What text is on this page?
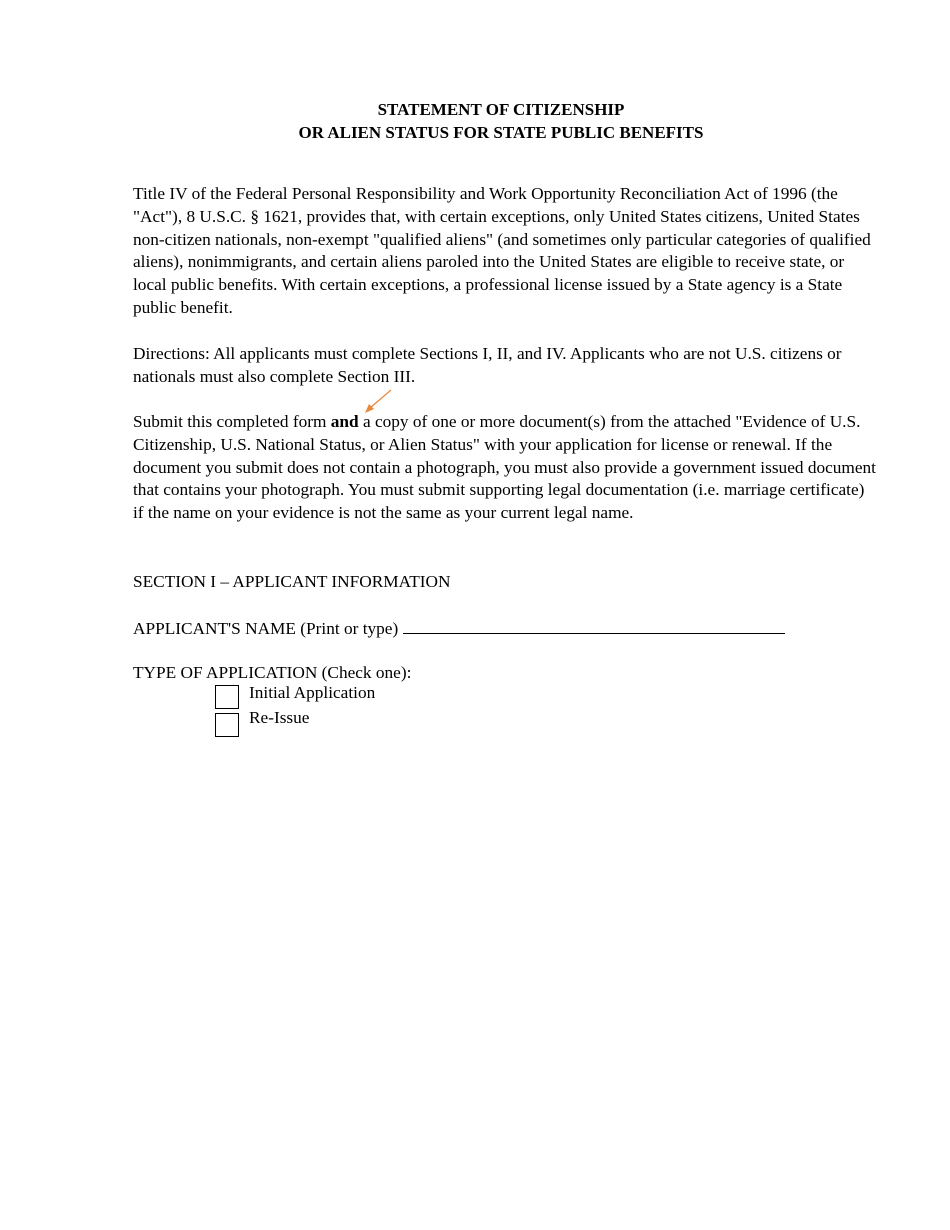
STATEMENT OF CITIZENSHIP
OR ALIEN STATUS FOR STATE PUBLIC BENEFITS

Title IV of the Federal Personal Responsibility and Work Opportunity Reconciliation Act of 1996 (the "Act"), 8 U.S.C. § 1621, provides that, with certain exceptions, only United States citizens, United States non-citizen nationals, non-exempt "qualified aliens" (and sometimes only particular categories of qualified aliens), nonimmigrants, and certain aliens paroled into the United States are eligible to receive state, or local public benefits. With certain exceptions, a professional license issued by a State agency is a State public benefit.

Directions: All applicants must complete Sections I, II, and IV. Applicants who are not U.S. citizens or nationals must also complete Section III.

Submit this completed form and a copy of one or more document(s) from the attached "Evidence of U.S. Citizenship, U.S. National Status, or Alien Status" with your application for license or renewal. If the document you submit does not contain a photograph, you must also provide a government issued document that contains your photograph. You must submit supporting legal documentation (i.e. marriage certificate) if the name on your evidence is not the same as your current legal name.

SECTION I – APPLICANT INFORMATION
APPLICANT'S NAME (Print or type)
TYPE OF APPLICATION (Check one):
Initial Application
Re-Issue
